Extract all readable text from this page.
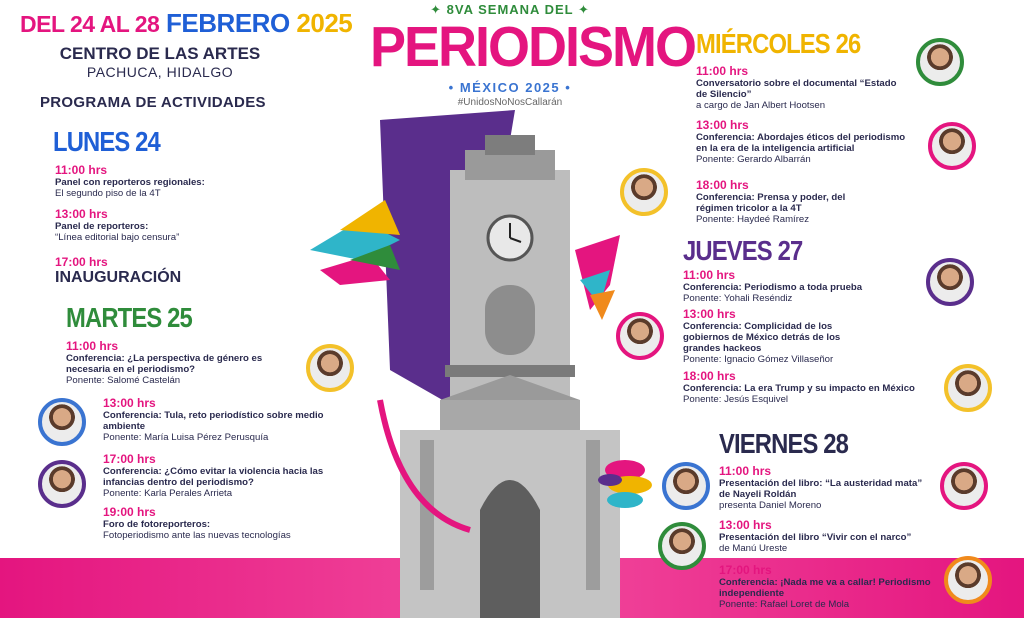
DEL 24 AL 28 FEBRERO 2025
CENTRO DE LAS ARTES
PACHUCA, HIDALGO
PROGRAMA DE ACTIVIDADES
✦ 8VA SEMANA DEL ✦
PERIODISMO
• MÉXICO 2025 •
#UnidosNoNosCallarán
LUNES 24
11:00 hrs
Panel con reporteros regionales:
El segundo piso de la 4T
13:00 hrs
Panel de reporteros:
“Línea editorial bajo censura”
17:00 hrs
INAUGURACIÓN
MARTES 25
11:00 hrs
Conferencia: ¿La perspectiva de género es necesaria en el periodismo?
Ponente: Salomé Castelán
13:00 hrs
Conferencia: Tula, reto periodístico sobre medio ambiente
Ponente: María Luisa Pérez Perusquía
17:00 hrs
Conferencia: ¿Cómo evitar la violencia hacia las infancias dentro del periodismo?
Ponente: Karla Perales Arrieta
19:00 hrs
Foro de fotoreporteros:
Fotoperiodismo ante las nuevas tecnologías
MIÉRCOLES 26
11:00 hrs
Conversatorio sobre el documental “Estado de Silencio”
a cargo de Jan Albert Hootsen
13:00 hrs
Conferencia: Abordajes éticos del periodismo en la era de la inteligencia artificial
Ponente: Gerardo Albarrán
18:00 hrs
Conferencia: Prensa y poder, del régimen tricolor a la 4T
Ponente: Haydeé Ramírez
JUEVES 27
11:00 hrs
Conferencia: Periodismo a toda prueba
Ponente: Yohali Reséndiz
13:00 hrs
Conferencia: Complicidad de los gobiernos de México detrás de los grandes hackeos
Ponente: Ignacio Gómez Villaseñor
18:00 hrs
Conferencia: La era Trump y su impacto en México
Ponente: Jesús Esquivel
VIERNES 28
11:00 hrs
Presentación del libro: “La austeridad mata” de Nayeli Roldán
presenta Daniel Moreno
13:00 hrs
Presentación del libro “Vivir con el narco”
de Manú Ureste
17:00 hrs
Conferencia: ¡Nada me va a callar! Periodismo independiente
Ponente: Rafael Loret de Mola
